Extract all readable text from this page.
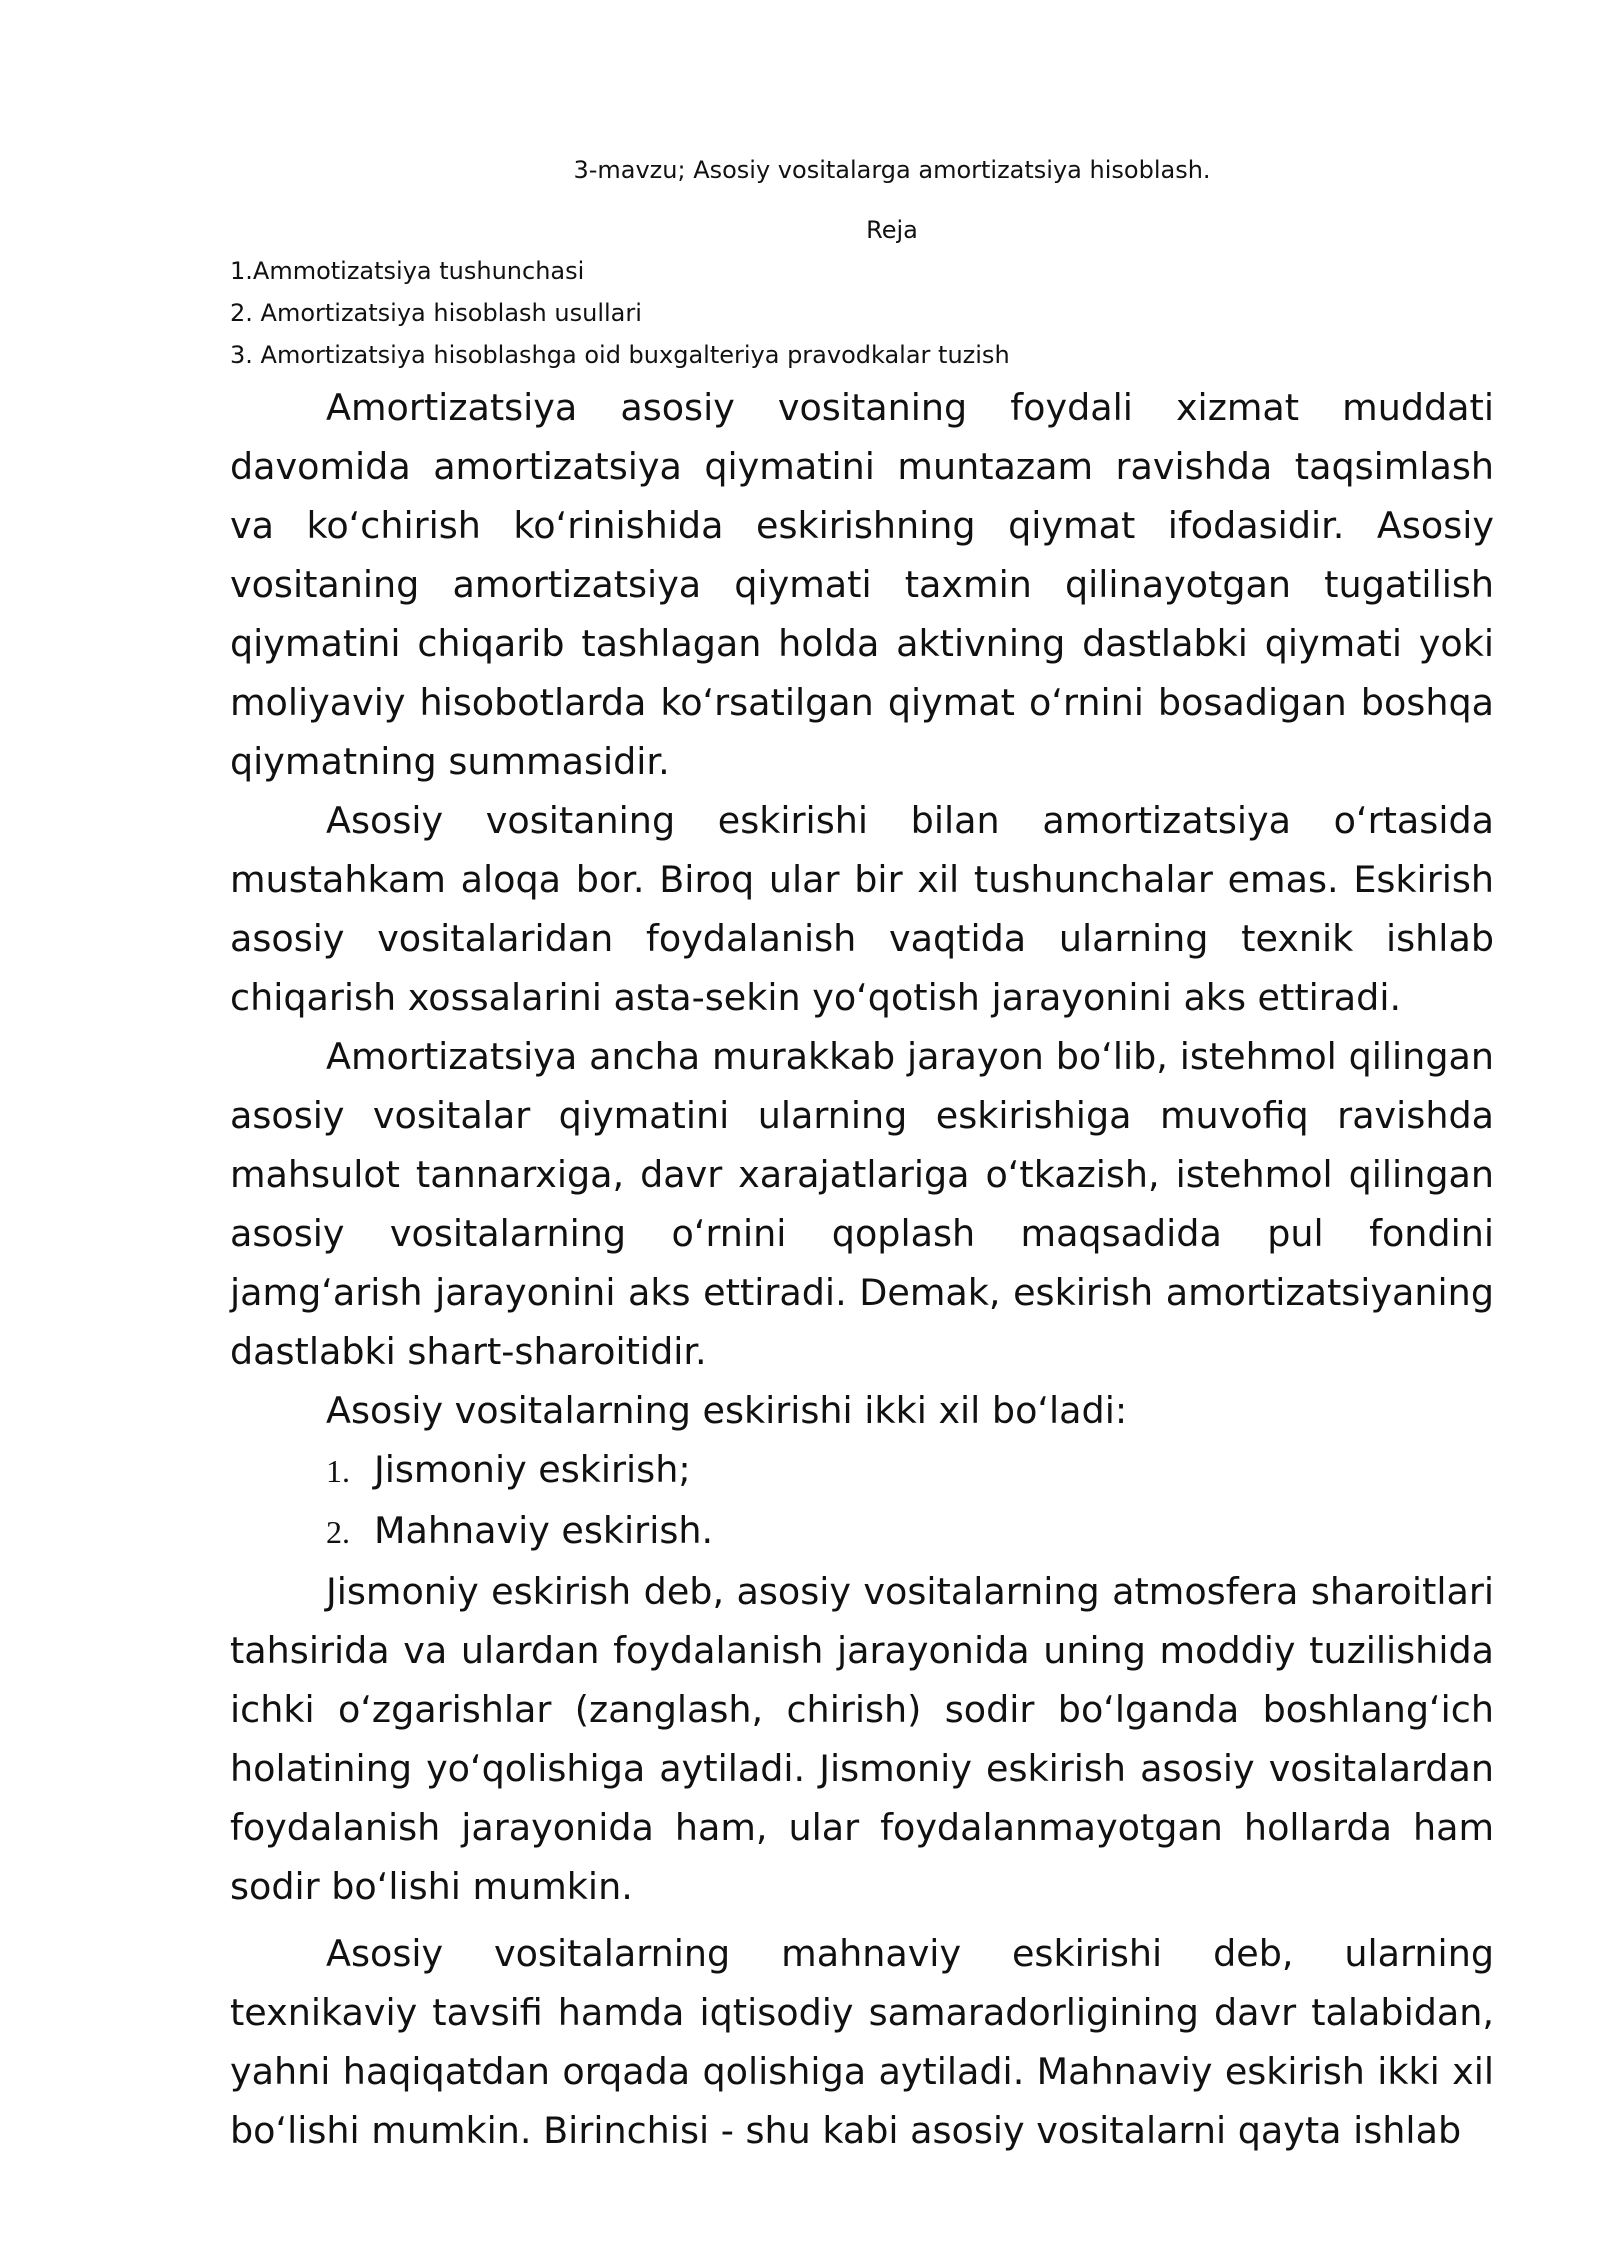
3-mavzu; Asosiy vositalarga amortizatsiya hisoblash.

Reja

1.Ammotizatsiya tushunchasi
2. Amortizatsiya hisoblash usullari
3. Amortizatsiya hisoblashga oid buxgalteriya pravodkalar tuzish

Amortizatsiya asosiy vositaning foydali xizmat muddati davomida amortizatsiya qiymatini muntazam ravishda taqsimlash va koʻchirish koʻrinishida eskirishning qiymat ifodasidir. Asosiy vositaning amortizatsiya qiymati taxmin qilinayotgan tugatilish qiymatini chiqarib tashlagan holda aktivning dastlabki qiymati yoki moliyaviy hisobotlarda koʻrsatilgan qiymat oʻrnini bosadigan boshqa qiymatning summasidir.

Asosiy vositaning eskirishi bilan amortizatsiya oʻrtasida mustahkam aloqa bor. Biroq ular bir xil tushunchalar emas. Eskirish asosiy vositalaridan foydalanish vaqtida ularning texnik ishlab chiqarish xossalarini asta-sekin yoʻqotish jarayonini aks ettiradi.

Amortizatsiya ancha murakkab jarayon boʻlib, istehmol qilingan asosiy vositalar qiymatini ularning eskirishiga muvofiq ravishda mahsulot tannarxiga, davr xarajatlariga oʻtkazish, istehmol qilingan asosiy vositalarning oʻrnini qoplash maqsadida pul fondini jamgʻarish jarayonini aks ettiradi. Demak, eskirish amortizatsiyaning dastlabki shart-sharoitidir.

Asosiy vositalarning eskirishi ikki xil boʻladi:

1. Jismoniy eskirish;
2. Mahnaviy eskirish.

Jismoniy eskirish deb, asosiy vositalarning atmosfera sharoitlari tahsirida va ulardan foydalanish jarayonida uning moddiy tuzilishida ichki oʻzgarishlar (zanglash, chirish) sodir boʻlganda boshlangʻich holatining yoʻqolishiga aytiladi. Jismoniy eskirish asosiy vositalardan foydalanish jarayonida ham, ular foydalanmayotgan hollarda ham sodir boʻlishi mumkin.

Asosiy vositalarning mahnaviy eskirishi deb, ularning texnikaviy tavsifi hamda iqtisodiy samaradorligining davr talabidan, yahni haqiqatdan orqada qolishiga aytiladi. Mahnaviy eskirish ikki xil boʻlishi mumkin. Birinchisi - shu kabi asosiy vositalarni qayta ishlab
